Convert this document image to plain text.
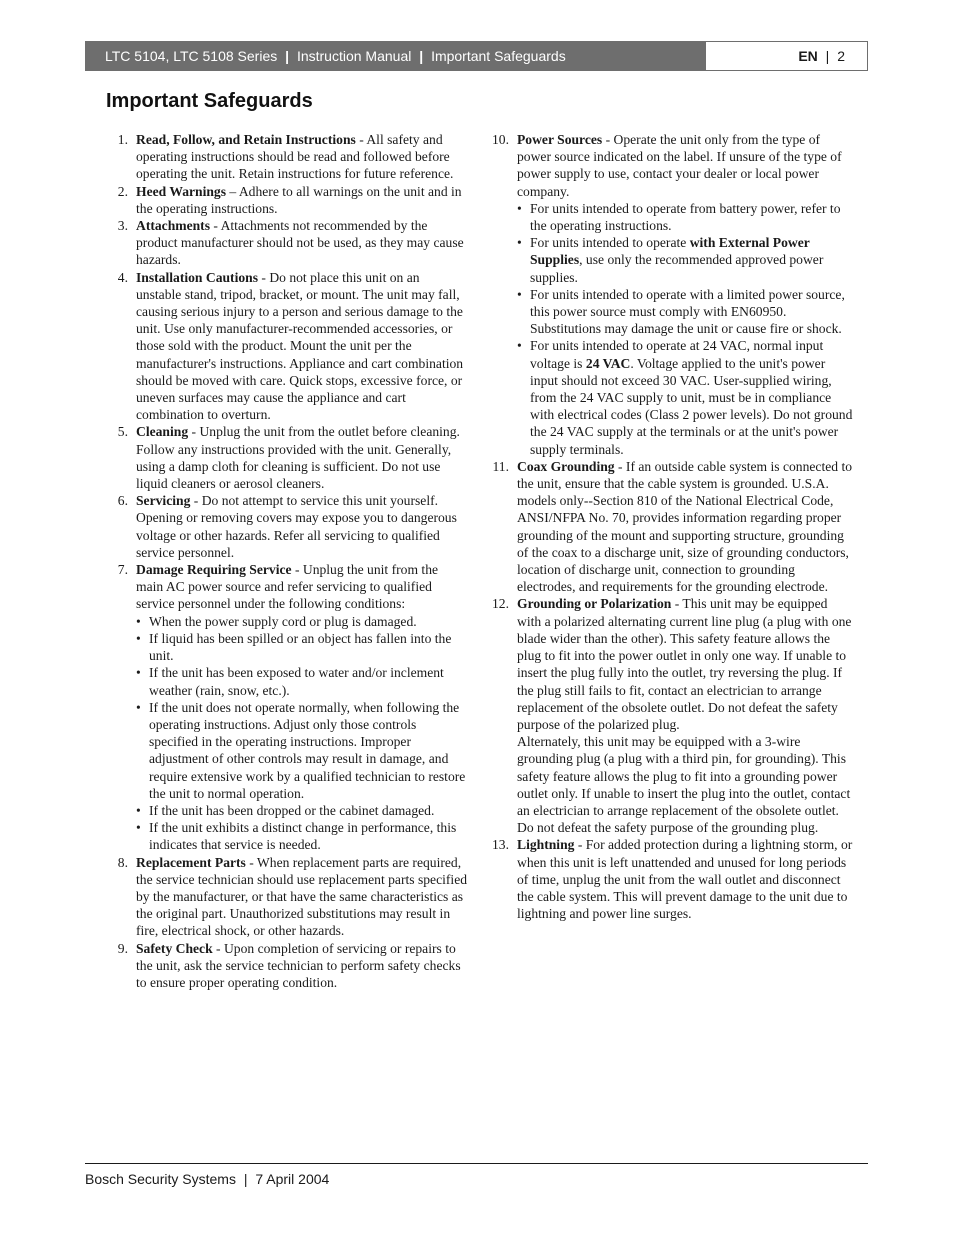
LTC 5104, LTC 5108 Series | Instruction Manual | Important Safeguards	EN | 2
Important Safeguards
1. Read, Follow, and Retain Instructions - All safety and operating instructions should be read and followed before operating the unit. Retain instructions for future reference.
2. Heed Warnings – Adhere to all warnings on the unit and in the operating instructions.
3. Attachments - Attachments not recommended by the product manufacturer should not be used, as they may cause hazards.
4. Installation Cautions - Do not place this unit on an unstable stand, tripod, bracket, or mount. The unit may fall, causing serious injury to a person and serious damage to the unit. Use only manufacturer-recommended accessories, or those sold with the product. Mount the unit per the manufacturer's instructions. Appliance and cart combination should be moved with care. Quick stops, excessive force, or uneven surfaces may cause the appliance and cart combination to overturn.
5. Cleaning - Unplug the unit from the outlet before cleaning. Follow any instructions provided with the unit. Generally, using a damp cloth for cleaning is sufficient. Do not use liquid cleaners or aerosol cleaners.
6. Servicing - Do not attempt to service this unit yourself. Opening or removing covers may expose you to dangerous voltage or other hazards. Refer all servicing to qualified service personnel.
7. Damage Requiring Service - Unplug the unit from the main AC power source and refer servicing to qualified service personnel under the following conditions:
• When the power supply cord or plug is damaged.
• If liquid has been spilled or an object has fallen into the unit.
• If the unit has been exposed to water and/or inclement weather (rain, snow, etc.).
• If the unit does not operate normally, when following the operating instructions. Adjust only those controls specified in the operating instructions. Improper adjustment of other controls may result in damage, and require extensive work by a qualified technician to restore the unit to normal operation.
• If the unit has been dropped or the cabinet damaged.
• If the unit exhibits a distinct change in performance, this indicates that service is needed.
8. Replacement Parts - When replacement parts are required, the service technician should use replacement parts specified by the manufacturer, or that have the same characteristics as the original part. Unauthorized substitutions may result in fire, electrical shock, or other hazards.
9. Safety Check - Upon completion of servicing or repairs to the unit, ask the service technician to perform safety checks to ensure proper operating condition.
10. Power Sources - Operate the unit only from the type of power source indicated on the label. If unsure of the type of power supply to use, contact your dealer or local power company.
• For units intended to operate from battery power, refer to the operating instructions.
• For units intended to operate with External Power Supplies, use only the recommended approved power supplies.
• For units intended to operate with a limited power source, this power source must comply with EN60950. Substitutions may damage the unit or cause fire or shock.
• For units intended to operate at 24 VAC, normal input voltage is 24 VAC. Voltage applied to the unit's power input should not exceed 30 VAC. User-supplied wiring, from the 24 VAC supply to unit, must be in compliance with electrical codes (Class 2 power levels). Do not ground the 24 VAC supply at the terminals or at the unit's power supply terminals.
11. Coax Grounding - If an outside cable system is connected to the unit, ensure that the cable system is grounded. U.S.A. models only--Section 810 of the National Electrical Code, ANSI/NFPA No. 70, provides information regarding proper grounding of the mount and supporting structure, grounding of the coax to a discharge unit, size of grounding conductors, location of discharge unit, connection to grounding electrodes, and requirements for the grounding electrode.
12. Grounding or Polarization - This unit may be equipped with a polarized alternating current line plug (a plug with one blade wider than the other). This safety feature allows the plug to fit into the power outlet in only one way. If unable to insert the plug fully into the outlet, try reversing the plug. If the plug still fails to fit, contact an electrician to arrange replacement of the obsolete outlet. Do not defeat the safety purpose of the polarized plug.
Alternately, this unit may be equipped with a 3-wire grounding plug (a plug with a third pin, for grounding). This safety feature allows the plug to fit into a grounding power outlet only. If unable to insert the plug into the outlet, contact an electrician to arrange replacement of the obsolete outlet. Do not defeat the safety purpose of the grounding plug.
13. Lightning - For added protection during a lightning storm, or when this unit is left unattended and unused for long periods of time, unplug the unit from the wall outlet and disconnect the cable system. This will prevent damage to the unit due to lightning and power line surges.
Bosch Security Systems | 7 April 2004
